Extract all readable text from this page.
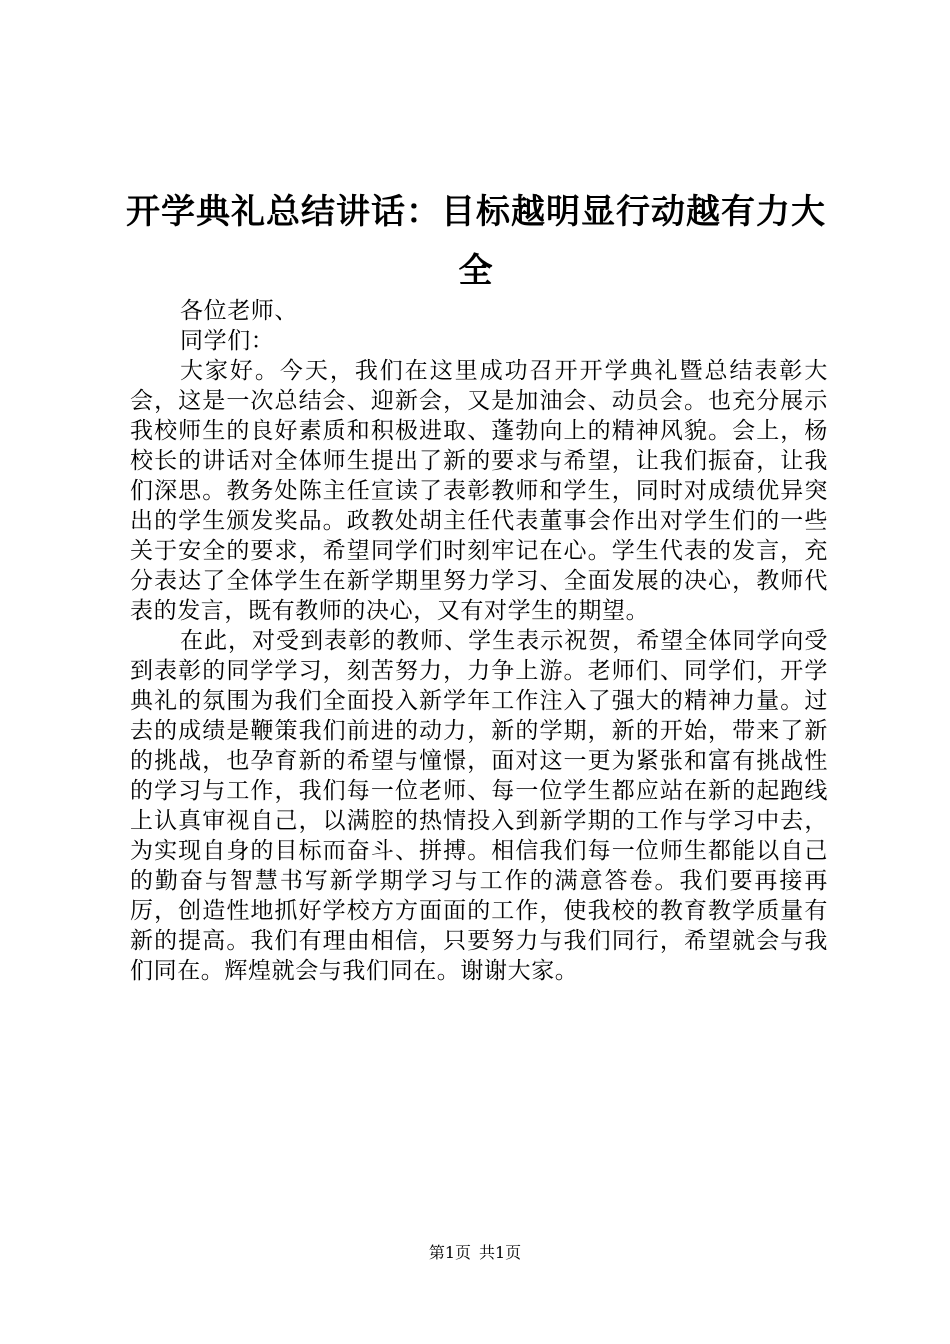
开学典礼总结讲话：目标越明显行动越有力大全

各位老师、

同学们：

大家好。今天，我们在这里成功召开开学典礼暨总结表彰大会，这是一次总结会、迎新会，又是加油会、动员会。也充分展示我校师生的良好素质和积极进取、蓬勃向上的精神风貌。会上，杨校长的讲话对全体师生提出了新的要求与希望，让我们振奋，让我们深思。教务处陈主任宣读了表彰教师和学生，同时对成绩优异突出的学生颁发奖品。政教处胡主任代表董事会作出对学生们的一些关于安全的要求，希望同学们时刻牢记在心。学生代表的发言，充分表达了全体学生在新学期里努力学习、全面发展的决心，教师代表的发言，既有教师的决心，又有对学生的期望。

在此，对受到表彰的教师、学生表示祝贺，希望全体同学向受到表彰的同学学习，刻苦努力，力争上游。老师们、同学们，开学典礼的氛围为我们全面投入新学年工作注入了强大的精神力量。过去的成绩是鞭策我们前进的动力，新的学期，新的开始，带来了新的挑战，也孕育新的希望与憧憬，面对这一更为紧张和富有挑战性的学习与工作，我们每一位老师、每一位学生都应站在新的起跑线上认真审视自己，以满腔的热情投入到新学期的工作与学习中去，为实现自身的目标而奋斗、拼搏。相信我们每一位师生都能以自己的勤奋与智慧书写新学期学习与工作的满意答卷。我们要再接再厉，创造性地抓好学校方方面面的工作，使我校的教育教学质量有新的提高。我们有理由相信，只要努力与我们同行，希望就会与我们同在。辉煌就会与我们同在。谢谢大家。

第1页 共1页
